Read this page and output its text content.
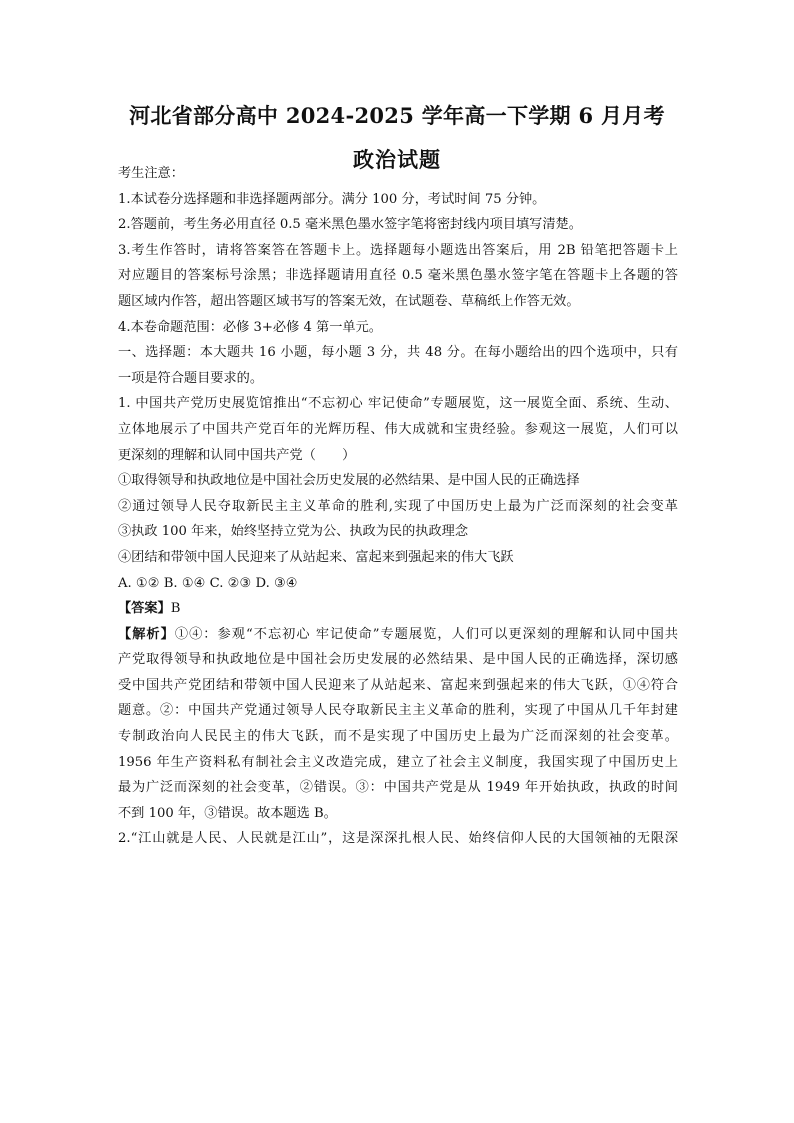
河北省部分高中 2024-2025 学年高一下学期 6 月月考
政治试题
考生注意：
1.本试卷分选择题和非选择题两部分。满分 100 分，考试时间 75 分钟。
2.答题前，考生务必用直径 0.5 毫米黑色墨水签字笔将密封线内项目填写清楚。
3.考生作答时，请将答案答在答题卡上。选择题每小题选出答案后，用 2B 铅笔把答题卡上
对应题目的答案标号涂黑；非选择题请用直径 0.5 毫米黑色墨水签字笔在答题卡上各题的答
题区域内作答，超出答题区域书写的答案无效，在试题卷、草稿纸上作答无效。
4.本卷命题范围：必修 3+必修 4 第一单元。
一、选择题：本大题共 16 小题，每小题 3 分，共 48 分。在每小题给出的四个选项中，只有
一项是符合题目要求的。
1. 中国共产党历史展览馆推出“不忘初心 牢记使命”专题展览，这一展览全面、系统、生动、
立体地展示了中国共产党百年的光辉历程、伟大成就和宝贵经验。参观这一展览，人们可以
更深刻的理解和认同中国共产党（　　）
①取得领导和执政地位是中国社会历史发展的必然结果、是中国人民的正确选择
②通过领导人民夺取新民主主义革命的胜利,实现了中国历史上最为广泛而深刻的社会变革
③执政 100 年来，始终坚持立党为公、执政为民的执政理念
④团结和带领中国人民迎来了从站起来、富起来到强起来的伟大飞跃
A. ①② B. ①④ C. ②③ D. ③④
【答案】B
【解析】①④：参观“不忘初心 牢记使命”专题展览，人们可以更深刻的理解和认同中国共
产党取得领导和执政地位是中国社会历史发展的必然结果、是中国人民的正确选择，深切感
受中国共产党团结和带领中国人民迎来了从站起来、富起来到强起来的伟大飞跃，①④符合
题意。②：中国共产党通过领导人民夺取新民主主义革命的胜利，实现了中国从几千年封建
专制政治向人民民主的伟大飞跃，而不是实现了中国历史上最为广泛而深刻的社会变革。
1956 年生产资料私有制社会主义改造完成，建立了社会主义制度，我国实现了中国历史上
最为广泛而深刻的社会变革，②错误。③：中国共产党是从 1949 年开始执政，执政的时间
不到 100 年，③错误。故本题选 B。
2.“江山就是人民、人民就是江山”，这是深深扎根人民、始终信仰人民的大国领袖的无限深
